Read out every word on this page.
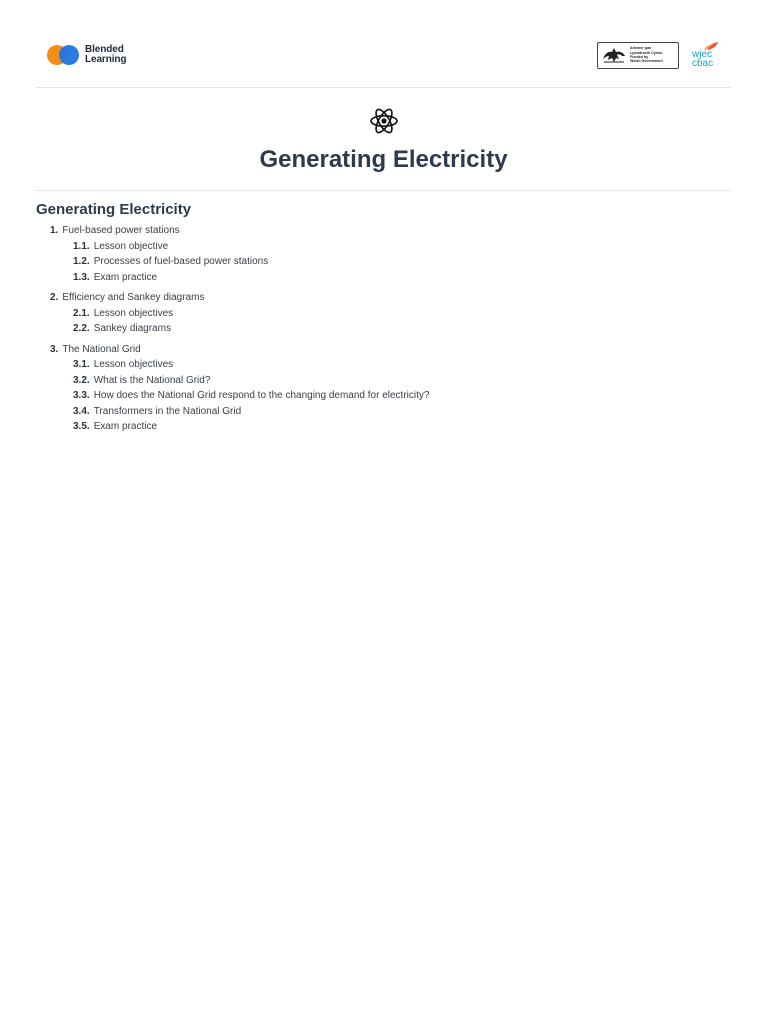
Blended
Learning
Ariennir gan
Lywodraeth Cymru
Funded by
Welsh Government
wjec
cbac
Generating Electricity
Generating Electricity
1. Fuel-based power stations
1.1. Lesson objective
1.2. Processes of fuel-based power stations
1.3. Exam practice
2. Efficiency and Sankey diagrams
2.1. Lesson objectives
2.2. Sankey diagrams
3. The National Grid
3.1. Lesson objectives
3.2. What is the National Grid?
3.3. How does the National Grid respond to the changing demand for electricity?
3.4. Transformers in the National Grid
3.5. Exam practice
